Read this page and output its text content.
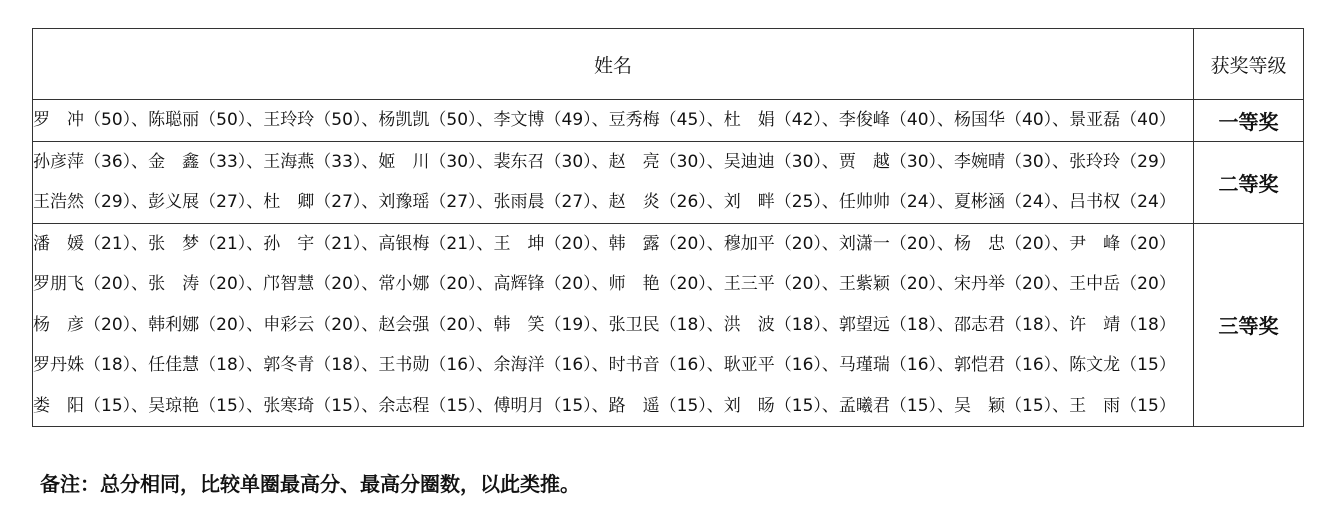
姓名	获奖等级

罗　冲（50）、陈聪丽（50）、王玲玲（50）、杨凯凯（50）、李文博（49）、豆秀梅（45）、杜　娟（42）、李俊峰（40）、杨国华（40）、景亚磊（40）	一等奖

孙彦萍（36）、金　鑫（33）、王海燕（33）、姬　川（30）、裴东召（30）、赵　亮（30）、吴迪迪（30）、贾　越（30）、李婉晴（30）、张玲玲（29）
王浩然（29）、彭义展（27）、杜　卿（27）、刘豫瑶（27）、张雨晨（27）、赵　炎（26）、刘　畔（25）、任帅帅（24）、夏彬涵（24）、吕书权（24）	二等奖

潘　媛（21）、张　梦（21）、孙　宇（21）、高银梅（21）、王　坤（20）、韩　露（20）、穆加平（20）、刘潇一（20）、杨　忠（20）、尹　峰（20）
罗朋飞（20）、张　涛（20）、邝智慧（20）、常小娜（20）、高辉锋（20）、师　艳（20）、王三平（20）、王紫颖（20）、宋丹举（20）、王中岳（20）
杨　彦（20）、韩利娜（20）、申彩云（20）、赵会强（20）、韩　笑（19）、张卫民（18）、洪　波（18）、郭望远（18）、邵志君（18）、许　靖（18）
罗丹姝（18）、任佳慧（18）、郭冬青（18）、王书勋（16）、余海洋（16）、时书音（16）、耿亚平（16）、马瑾瑞（16）、郭恺君（16）、陈文龙（15）
娄　阳（15）、吴琼艳（15）、张寒琦（15）、余志程（15）、傅明月（15）、路　遥（15）、刘　旸（15）、孟曦君（15）、吴　颖（15）、王　雨（15）	三等奖
备注：总分相同，比较单圈最高分、最高分圈数，以此类推。
